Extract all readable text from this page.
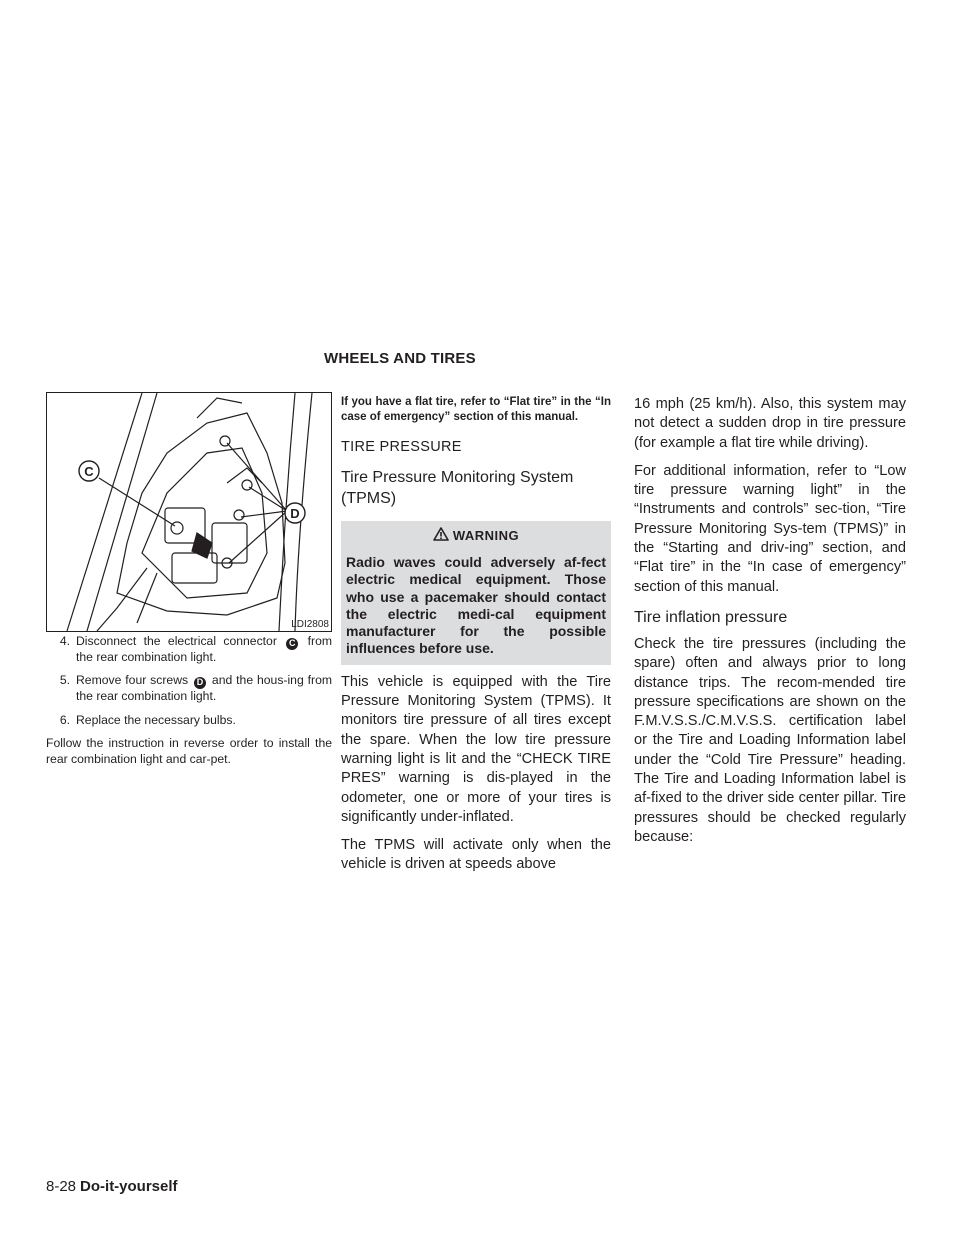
WHEELS AND TIRES
C
D
LDI2808
4. Disconnect the electrical connector C from the rear combination light.
5. Remove four screws D and the hous-ing from the rear combination light.
6. Replace the necessary bulbs.

Follow the instruction in reverse order to install the rear combination light and car-pet.

If you have a flat tire, refer to “Flat tire” in the “In case of emergency” section of this manual.

TIRE PRESSURE

Tire Pressure Monitoring System (TPMS)

WARNING
Radio waves could adversely af-fect electric medical equipment. Those who use a pacemaker should contact the electric medi-cal equipment manufacturer for the possible influences before use.

This vehicle is equipped with the Tire Pressure Monitoring System (TPMS). It monitors tire pressure of all tires except the spare. When the low tire pressure warning light is lit and the “CHECK TIRE PRES” warning is dis-played in the odometer, one or more of your tires is significantly under-inflated.

The TPMS will activate only when the vehicle is driven at speeds above

16 mph (25 km/h). Also, this system may not detect a sudden drop in tire pressure (for example a flat tire while driving).

For additional information, refer to “Low tire pressure warning light” in the “Instruments and controls” sec-tion, “Tire Pressure Monitoring Sys-tem (TPMS)” in the “Starting and driv-ing” section, and “Flat tire” in the “In case of emergency” section of this manual.

Tire inflation pressure

Check the tire pressures (including the spare) often and always prior to long distance trips. The recom-mended tire pressure specifications are shown on the F.M.V.S.S./C.M.V.S.S. certification label or the Tire and Loading Information label under the “Cold Tire Pressure” heading. The Tire and Loading Information label is af-fixed to the driver side center pillar. Tire pressures should be checked regularly because:

8-28 Do-it-yourself
